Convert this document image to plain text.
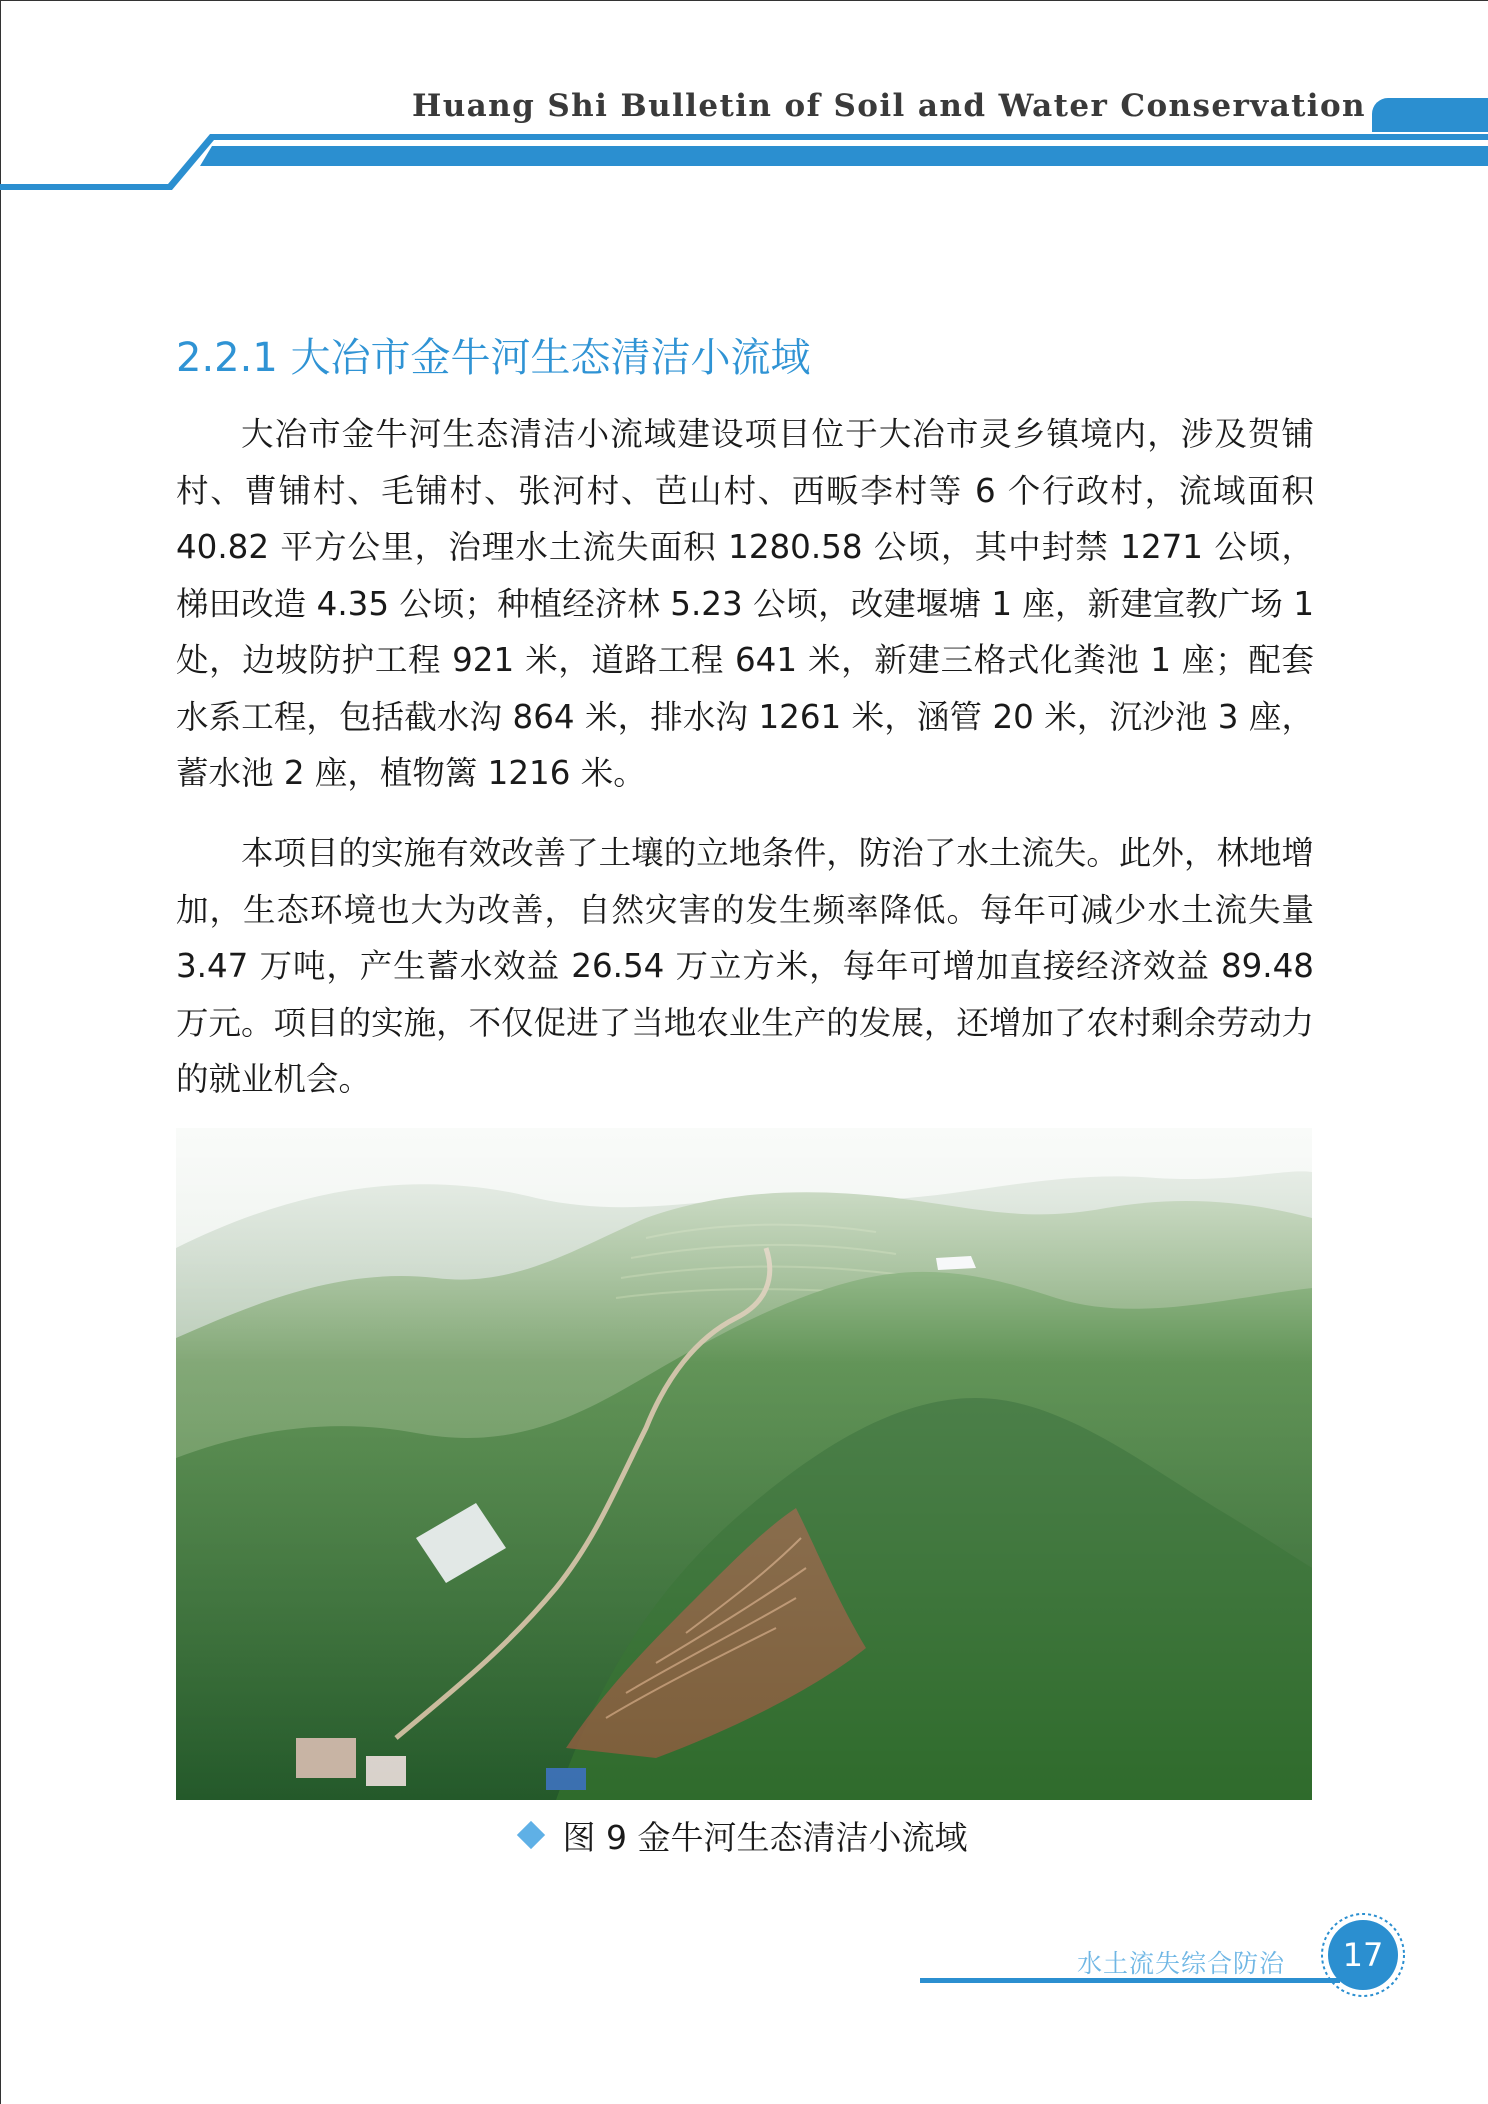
Huang Shi Bulletin of Soil and Water Conservation
2.2.1 大冶市金牛河生态清洁小流域

大冶市金牛河生态清洁小流域建设项目位于大冶市灵乡镇境内，涉及贺铺村、曹铺村、毛铺村、张河村、芭山村、西畈李村等 6 个行政村，流域面积 40.82 平方公里，治理水土流失面积 1280.58 公顷，其中封禁 1271 公顷，梯田改造 4.35 公顷；种植经济林 5.23 公顷，改建堰塘 1 座，新建宣教广场 1 处，边坡防护工程 921 米，道路工程 641 米，新建三格式化粪池 1 座；配套水系工程，包括截水沟 864 米，排水沟 1261 米，涵管 20 米，沉沙池 3 座，蓄水池 2 座，植物篱 1216 米。

本项目的实施有效改善了土壤的立地条件，防治了水土流失。此外，林地增加，生态环境也大为改善，自然灾害的发生频率降低。每年可减少水土流失量 3.47 万吨，产生蓄水效益 26.54 万立方米，每年可增加直接经济效益 89.48 万元。项目的实施，不仅促进了当地农业生产的发展，还增加了农村剩余劳动力的就业机会。

图 9 金牛河生态清洁小流域
水土流失综合防治	17
